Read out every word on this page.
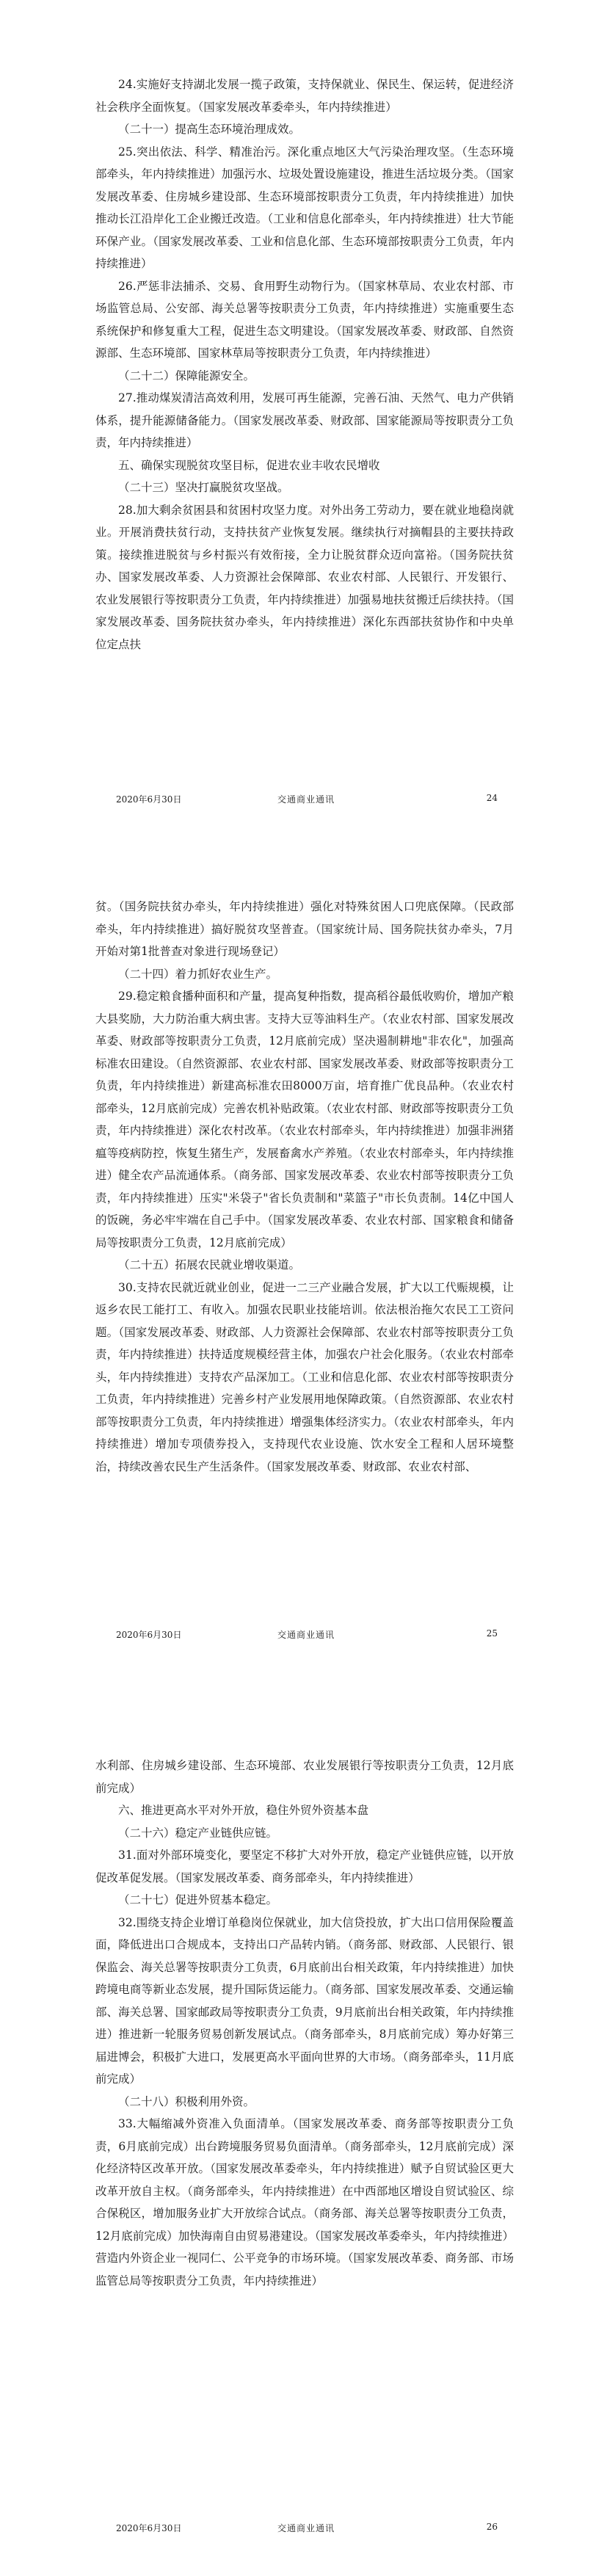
24.实施好支持湖北发展一揽子政策，支持保就业、保民生、保运转，促进经济社会秩序全面恢复。（国家发展改革委牵头，年内持续推进）

（二十一）提高生态环境治理成效。

25.突出依法、科学、精准治污。深化重点地区大气污染治理攻坚。（生态环境部牵头，年内持续推进）加强污水、垃圾处置设施建设，推进生活垃圾分类。（国家发展改革委、住房城乡建设部、生态环境部按职责分工负责，年内持续推进）加快推动长江沿岸化工企业搬迁改造。（工业和信息化部牵头，年内持续推进）壮大节能环保产业。（国家发展改革委、工业和信息化部、生态环境部按职责分工负责，年内持续推进）

26.严惩非法捕杀、交易、食用野生动物行为。（国家林草局、农业农村部、市场监管总局、公安部、海关总署等按职责分工负责，年内持续推进）实施重要生态系统保护和修复重大工程，促进生态文明建设。（国家发展改革委、财政部、自然资源部、生态环境部、国家林草局等按职责分工负责，年内持续推进）

（二十二）保障能源安全。

27.推动煤炭清洁高效利用，发展可再生能源，完善石油、天然气、电力产供销体系，提升能源储备能力。（国家发展改革委、财政部、国家能源局等按职责分工负责，年内持续推进）

五、确保实现脱贫攻坚目标，促进农业丰收农民增收

（二十三）坚决打赢脱贫攻坚战。

28.加大剩余贫困县和贫困村攻坚力度。对外出务工劳动力，要在就业地稳岗就业。开展消费扶贫行动，支持扶贫产业恢复发展。继续执行对摘帽县的主要扶持政策。接续推进脱贫与乡村振兴有效衔接，全力让脱贫群众迈向富裕。（国务院扶贫办、国家发展改革委、人力资源社会保障部、农业农村部、人民银行、开发银行、农业发展银行等按职责分工负责，年内持续推进）加强易地扶贫搬迁后续扶持。（国家发展改革委、国务院扶贫办牵头，年内持续推进）深化东西部扶贫协作和中央单位定点扶

2020年6月30日	交通商业通讯	24

贫。（国务院扶贫办牵头，年内持续推进）强化对特殊贫困人口兜底保障。（民政部牵头，年内持续推进）搞好脱贫攻坚普查。（国家统计局、国务院扶贫办牵头，7月开始对第1批普查对象进行现场登记）

（二十四）着力抓好农业生产。

29.稳定粮食播种面积和产量，提高复种指数，提高稻谷最低收购价，增加产粮大县奖励，大力防治重大病虫害。支持大豆等油料生产。（农业农村部、国家发展改革委、财政部等按职责分工负责，12月底前完成）坚决遏制耕地"非农化"，加强高标准农田建设。（自然资源部、农业农村部、国家发展改革委、财政部等按职责分工负责，年内持续推进）新建高标准农田8000万亩，培育推广优良品种。（农业农村部牵头，12月底前完成）完善农机补贴政策。（农业农村部、财政部等按职责分工负责，年内持续推进）深化农村改革。（农业农村部牵头，年内持续推进）加强非洲猪瘟等疫病防控，恢复生猪生产，发展畜禽水产养殖。（农业农村部牵头，年内持续推进）健全农产品流通体系。（商务部、国家发展改革委、农业农村部等按职责分工负责，年内持续推进）压实"米袋子"省长负责制和"菜篮子"市长负责制。14亿中国人的饭碗，务必牢牢端在自己手中。（国家发展改革委、农业农村部、国家粮食和储备局等按职责分工负责，12月底前完成）

（二十五）拓展农民就业增收渠道。

30.支持农民就近就业创业，促进一二三产业融合发展，扩大以工代赈规模，让返乡农民工能打工、有收入。加强农民职业技能培训。依法根治拖欠农民工工资问题。（国家发展改革委、财政部、人力资源社会保障部、农业农村部等按职责分工负责，年内持续推进）扶持适度规模经营主体，加强农户社会化服务。（农业农村部牵头，年内持续推进）支持农产品深加工。（工业和信息化部、农业农村部等按职责分工负责，年内持续推进）完善乡村产业发展用地保障政策。（自然资源部、农业农村部等按职责分工负责，年内持续推进）增强集体经济实力。（农业农村部牵头，年内持续推进）增加专项债券投入，支持现代农业设施、饮水安全工程和人居环境整治，持续改善农民生产生活条件。（国家发展改革委、财政部、农业农村部、

2020年6月30日	交通商业通讯	25

水利部、住房城乡建设部、生态环境部、农业发展银行等按职责分工负责，12月底前完成）

六、推进更高水平对外开放，稳住外贸外资基本盘

（二十六）稳定产业链供应链。

31.面对外部环境变化，要坚定不移扩大对外开放，稳定产业链供应链，以开放促改革促发展。（国家发展改革委、商务部牵头，年内持续推进）

（二十七）促进外贸基本稳定。

32.围绕支持企业增订单稳岗位保就业，加大信贷投放，扩大出口信用保险覆盖面，降低进出口合规成本，支持出口产品转内销。（商务部、财政部、人民银行、银保监会、海关总署等按职责分工负责，6月底前出台相关政策，年内持续推进）加快跨境电商等新业态发展，提升国际货运能力。（商务部、国家发展改革委、交通运输部、海关总署、国家邮政局等按职责分工负责，9月底前出台相关政策，年内持续推进）推进新一轮服务贸易创新发展试点。（商务部牵头，8月底前完成）筹办好第三届进博会，积极扩大进口，发展更高水平面向世界的大市场。（商务部牵头，11月底前完成）

（二十八）积极利用外资。

33.大幅缩减外资准入负面清单。（国家发展改革委、商务部等按职责分工负责，6月底前完成）出台跨境服务贸易负面清单。（商务部牵头，12月底前完成）深化经济特区改革开放。（国家发展改革委牵头，年内持续推进）赋予自贸试验区更大改革开放自主权。（商务部牵头，年内持续推进）在中西部地区增设自贸试验区、综合保税区，增加服务业扩大开放综合试点。（商务部、海关总署等按职责分工负责，12月底前完成）加快海南自由贸易港建设。（国家发展改革委牵头，年内持续推进）营造内外资企业一视同仁、公平竞争的市场环境。（国家发展改革委、商务部、市场监管总局等按职责分工负责，年内持续推进）

2020年6月30日	交通商业通讯	26
